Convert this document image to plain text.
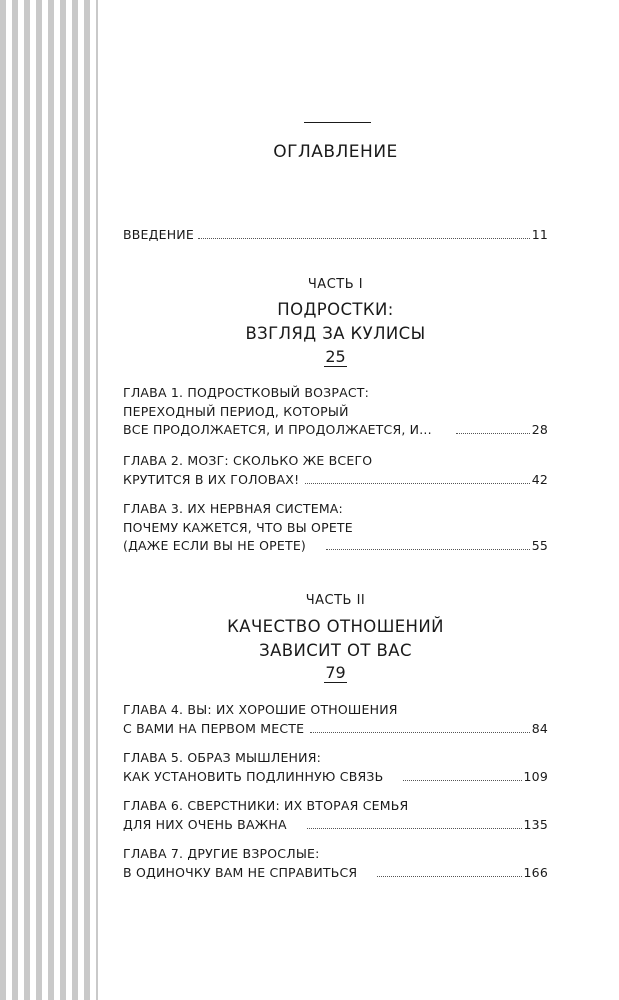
ОГЛАВЛЕНИЕ
ВВЕДЕНИЕ	11
ЧАСТЬ I
ПОДРОСТКИ:
ВЗГЛЯД ЗА КУЛИСЫ
25
ГЛАВА 1. ПОДРОСТКОВЫЙ ВОЗРАСТ:
ПЕРЕХОДНЫЙ ПЕРИОД, КОТОРЫЙ
ВСЕ ПРОДОЛЖАЕТСЯ, И ПРОДОЛЖАЕТСЯ, И...	28
ГЛАВА 2. МОЗГ: СКОЛЬКО ЖЕ ВСЕГО
КРУТИТСЯ В ИХ ГОЛОВАХ!	42
ГЛАВА 3. ИХ НЕРВНАЯ СИСТЕМА:
ПОЧЕМУ КАЖЕТСЯ, ЧТО ВЫ ОРЕТЕ
(ДАЖЕ ЕСЛИ ВЫ НЕ ОРЕТЕ)	55
ЧАСТЬ II
КАЧЕСТВО ОТНОШЕНИЙ
ЗАВИСИТ ОТ ВАС
79
ГЛАВА 4. ВЫ: ИХ ХОРОШИЕ ОТНОШЕНИЯ
С ВАМИ НА ПЕРВОМ МЕСТЕ	84
ГЛАВА 5. ОБРАЗ МЫШЛЕНИЯ:
КАК УСТАНОВИТЬ ПОДЛИННУЮ СВЯЗЬ	109
ГЛАВА 6. СВЕРСТНИКИ: ИХ ВТОРАЯ СЕМЬЯ
ДЛЯ НИХ ОЧЕНЬ ВАЖНА	135
ГЛАВА 7. ДРУГИЕ ВЗРОСЛЫЕ:
В ОДИНОЧКУ ВАМ НЕ СПРАВИТЬСЯ	166
